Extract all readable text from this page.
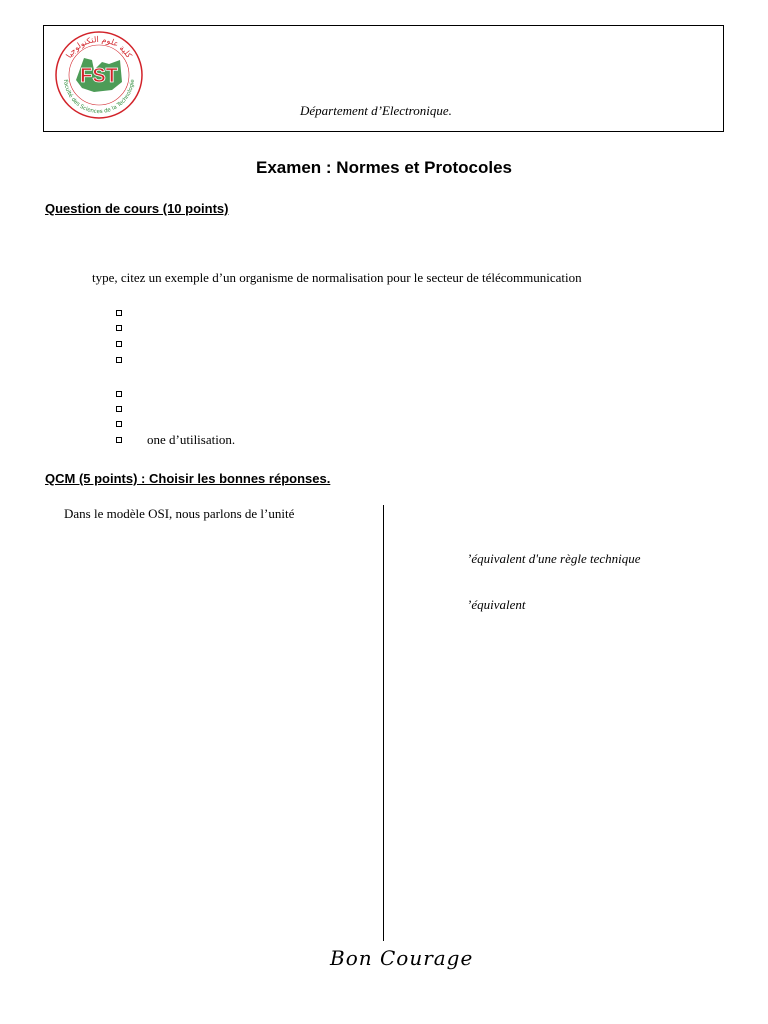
FST
كلية علوم التكنولوجيا
Faculté des Sciences de la Technologie
Département d’Electronique.
Examen : Normes et Protocoles
Question de cours (10 points)
type, citez un exemple d’un organisme de normalisation pour le secteur de télécommunication
one d’utilisation.
QCM (5 points) : Choisir les bonnes réponses.
Dans le modèle OSI, nous parlons de l’unité
’équivalent d'une règle technique
’équivalent
Bon Courage
